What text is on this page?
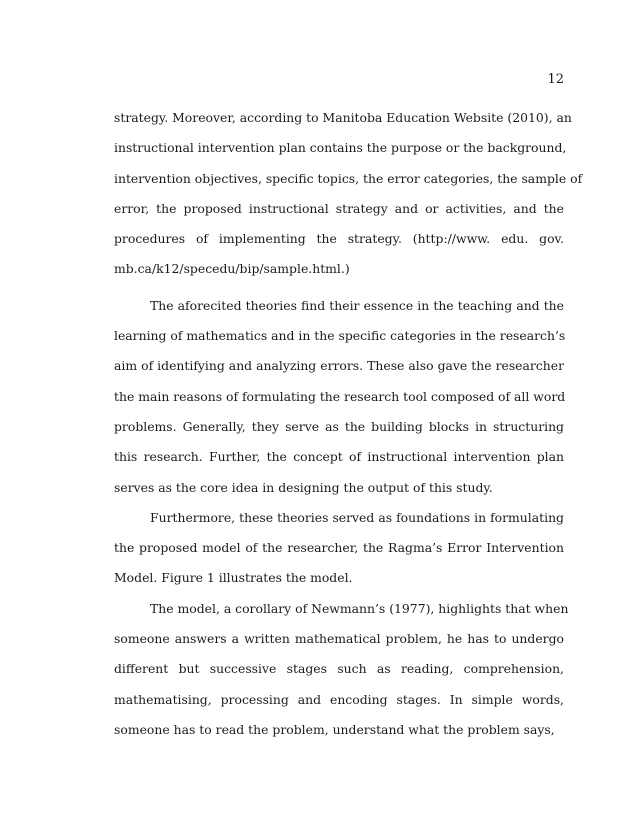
12
strategy. Moreover, according to Manitoba Education Website (2010), an
instructional intervention plan contains the purpose or the background,
intervention objectives, specific topics, the error categories, the sample of
error, the proposed instructional strategy and or activities, and the
procedures of implementing the strategy. (http://www. edu. gov.
mb.ca/k12/specedu/bip/sample.html.)
The aforecited theories find their essence in the teaching and the
learning of mathematics and in the specific categories in the research’s
aim of identifying and analyzing errors. These also gave the researcher
the main reasons of formulating the research tool composed of all word
problems. Generally, they serve as the building blocks in structuring
this research. Further, the concept of instructional intervention plan
serves as the core idea in designing the output of this study.
Furthermore, these theories served as foundations in formulating
the proposed model of the researcher, the Ragma’s Error Intervention
Model. Figure 1 illustrates the model.
The model, a corollary of Newmann’s (1977), highlights that when
someone answers a written mathematical problem, he has to undergo
different but successive stages such as reading, comprehension,
mathematising, processing and encoding stages. In simple words,
someone has to read the problem, understand what the problem says,
